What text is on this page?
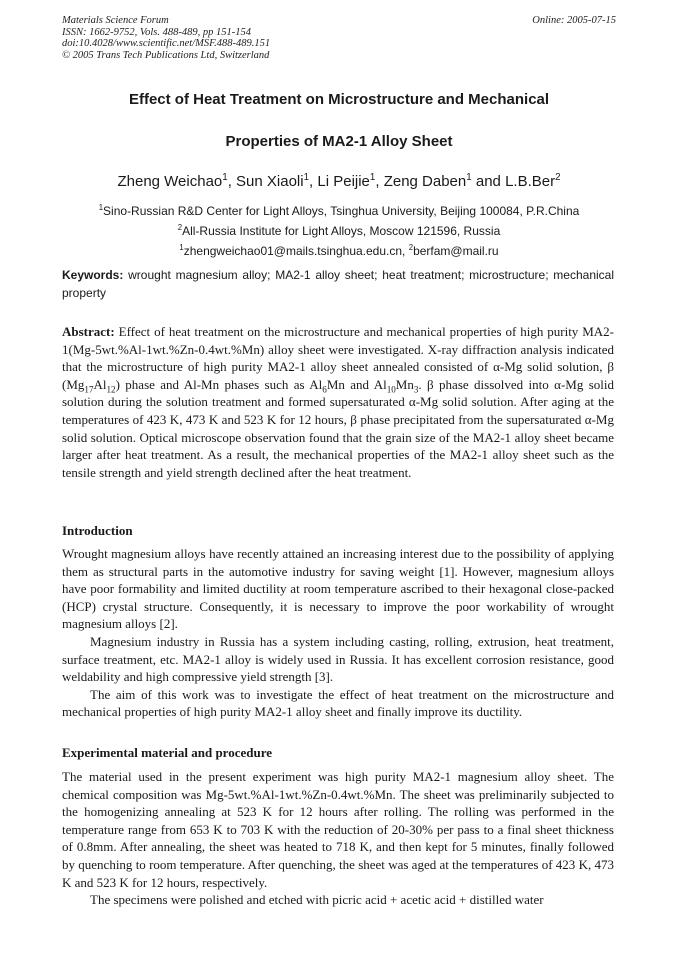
Materials Science Forum	Online: 2005-07-15
ISSN: 1662-9752, Vols. 488-489, pp 151-154
doi:10.4028/www.scientific.net/MSF.488-489.151
© 2005 Trans Tech Publications Ltd, Switzerland
Effect of Heat Treatment on Microstructure and Mechanical
Properties of MA2-1 Alloy Sheet
Zheng Weichao$^1$, Sun Xiaoli$^1$, Li Peijie$^1$, Zeng Daben$^1$ and L.B.Ber$^2$
$^1$Sino-Russian R&D Center for Light Alloys, Tsinghua University, Beijing 100084, P.R.China
$^2$All-Russia Institute for Light Alloys, Moscow 121596, Russia
$^1$zhengweichao01@mails.tsinghua.edu.cn, $^2$berfam@mail.ru
Keywords: wrought magnesium alloy; MA2-1 alloy sheet; heat treatment; microstructure; mechanical property

Abstract: Effect of heat treatment on the microstructure and mechanical properties of high purity MA2-1(Mg-5wt.%Al-1wt.%Zn-0.4wt.%Mn) alloy sheet were investigated. X-ray diffraction analysis indicated that the microstructure of high purity MA2-1 alloy sheet annealed consisted of α-Mg solid solution, β $(Mg_{17}Al_{12})$ phase and Al-Mn phases such as $Al_6Mn$ and $Al_{10}Mn_3$. β phase dissolved into α-Mg solid solution during the solution treatment and formed supersaturated α-Mg solid solution. After aging at the temperatures of 423 K, 473 K and 523 K for 12 hours, β phase precipitated from the supersaturated α-Mg solid solution. Optical microscope observation found that the grain size of the MA2-1 alloy sheet became larger after heat treatment. As a result, the mechanical properties of the MA2-1 alloy sheet such as the tensile strength and yield strength declined after the heat treatment.

Introduction

Wrought magnesium alloys have recently attained an increasing interest due to the possibility of applying them as structural parts in the automotive industry for saving weight [1]. However, magnesium alloys have poor formability and limited ductility at room temperature ascribed to their hexagonal close-packed (HCP) crystal structure. Consequently, it is necessary to improve the poor workability of wrought magnesium alloys [2].

Magnesium industry in Russia has a system including casting, rolling, extrusion, heat treatment, surface treatment, etc. MA2-1 alloy is widely used in Russia. It has excellent corrosion resistance, good weldability and high compressive yield strength [3].

The aim of this work was to investigate the effect of heat treatment on the microstructure and mechanical properties of high purity MA2-1 alloy sheet and finally improve its ductility.

Experimental material and procedure

The material used in the present experiment was high purity MA2-1 magnesium alloy sheet. The chemical composition was Mg-5wt.%Al-1wt.%Zn-0.4wt.%Mn. The sheet was preliminarily subjected to the homogenizing annealing at 523 K for 12 hours after rolling. The rolling was performed in the temperature range from 653 K to 703 K with the reduction of 20-30% per pass to a final sheet thickness of 0.8mm. After annealing, the sheet was heated to 718 K, and then kept for 5 minutes, finally followed by quenching to room temperature. After quenching, the sheet was aged at the temperatures of 423 K, 473 K and 523 K for 12 hours, respectively.

The specimens were polished and etched with picric acid + acetic acid + distilled water
